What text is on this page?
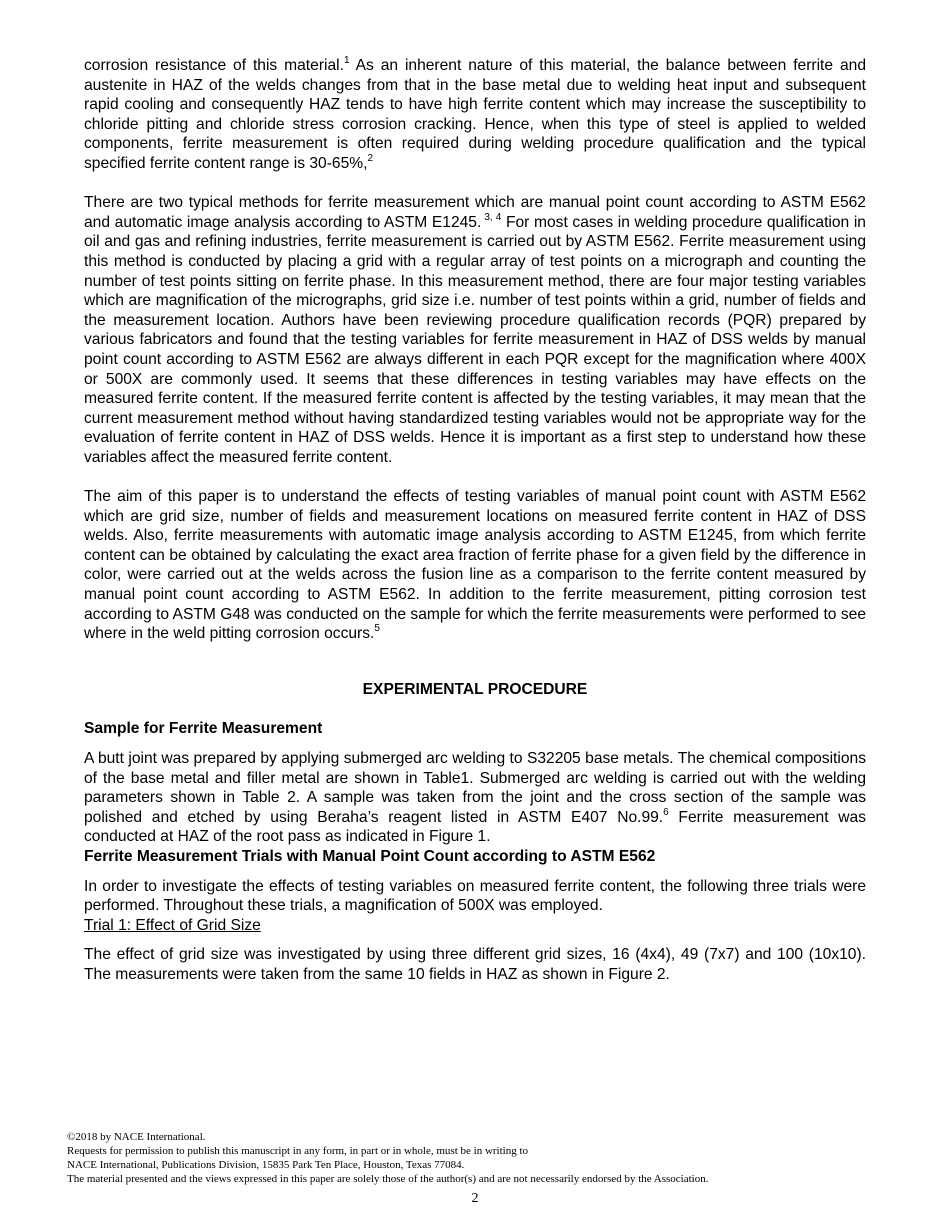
corrosion resistance of this material.$^1$ As an inherent nature of this material, the balance between ferrite and austenite in HAZ of the welds changes from that in the base metal due to welding heat input and subsequent rapid cooling and consequently HAZ tends to have high ferrite content which may increase the susceptibility to chloride pitting and chloride stress corrosion cracking. Hence, when this type of steel is applied to welded components, ferrite measurement is often required during welding procedure qualification and the typical specified ferrite content range is 30-65%,$^2$

There are two typical methods for ferrite measurement which are manual point count according to ASTM E562 and automatic image analysis according to ASTM E1245. $^{3, 4}$ For most cases in welding procedure qualification in oil and gas and refining industries, ferrite measurement is carried out by ASTM E562. Ferrite measurement using this method is conducted by placing a grid with a regular array of test points on a micrograph and counting the number of test points sitting on ferrite phase. In this measurement method, there are four major testing variables which are magnification of the micrographs, grid size i.e. number of test points within a grid, number of fields and the measurement location. Authors have been reviewing procedure qualification records (PQR) prepared by various fabricators and found that the testing variables for ferrite measurement in HAZ of DSS welds by manual point count according to ASTM E562 are always different in each PQR except for the magnification where 400X or 500X are commonly used. It seems that these differences in testing variables may have effects on the measured ferrite content. If the measured ferrite content is affected by the testing variables, it may mean that the current measurement method without having standardized testing variables would not be appropriate way for the evaluation of ferrite content in HAZ of DSS welds. Hence it is important as a first step to understand how these variables affect the measured ferrite content.

The aim of this paper is to understand the effects of testing variables of manual point count with ASTM E562 which are grid size, number of fields and measurement locations on measured ferrite content in HAZ of DSS welds. Also, ferrite measurements with automatic image analysis according to ASTM E1245, from which ferrite content can be obtained by calculating the exact area fraction of ferrite phase for a given field by the difference in color, were carried out at the welds across the fusion line as a comparison to the ferrite content measured by manual point count according to ASTM E562. In addition to the ferrite measurement, pitting corrosion test according to ASTM G48 was conducted on the sample for which the ferrite measurements were performed to see where in the weld pitting corrosion occurs.$^5$

EXPERIMENTAL PROCEDURE
Sample for Ferrite Measurement

A butt joint was prepared by applying submerged arc welding to S32205 base metals. The chemical compositions of the base metal and filler metal are shown in Table1. Submerged arc welding is carried out with the welding parameters shown in Table 2. A sample was taken from the joint and the cross section of the sample was polished and etched by using Beraha’s reagent listed in ASTM E407 No.99.$^6$ Ferrite measurement was conducted at HAZ of the root pass as indicated in Figure 1.

Ferrite Measurement Trials with Manual Point Count according to ASTM E562

In order to investigate the effects of testing variables on measured ferrite content, the following three trials were performed. Throughout these trials, a magnification of 500X was employed.

Trial 1: Effect of Grid Size

The effect of grid size was investigated by using three different grid sizes, 16 (4x4), 49 (7x7) and 100 (10x10). The measurements were taken from the same 10 fields in HAZ as shown in Figure 2.

©2018 by NACE International.
Requests for permission to publish this manuscript in any form, in part or in whole, must be in writing to
NACE International, Publications Division, 15835 Park Ten Place, Houston, Texas 77084.
The material presented and the views expressed in this paper are solely those of the author(s) and are not necessarily endorsed by the Association.
2
